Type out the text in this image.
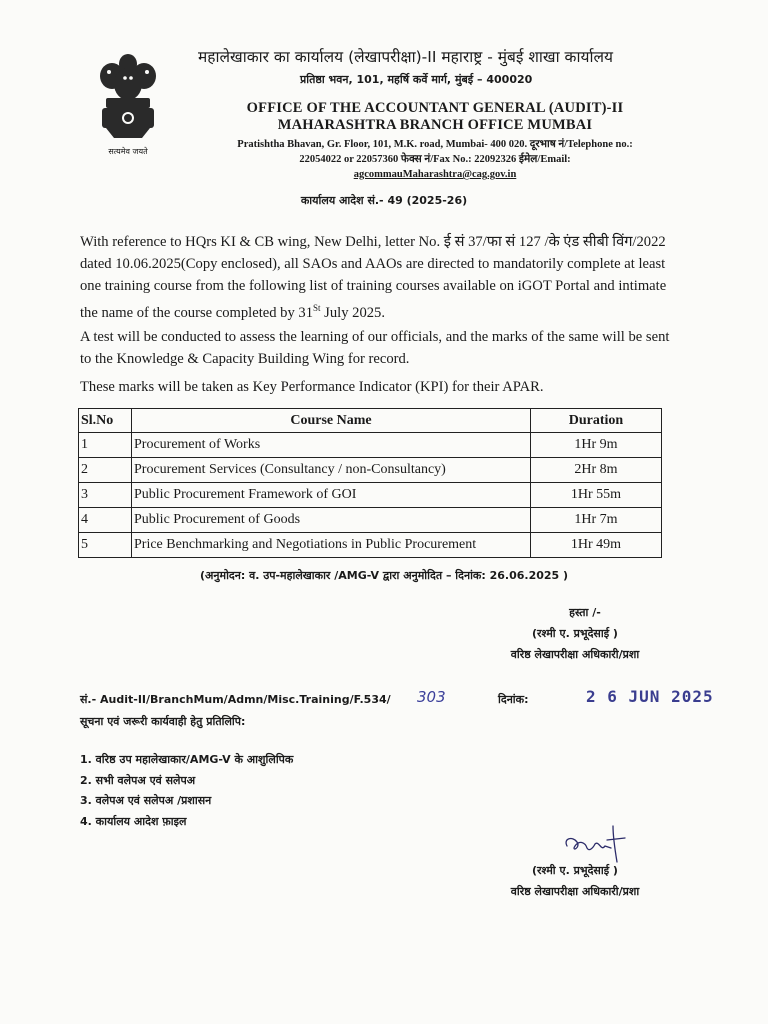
सत्यमेव जयते
महालेखाकार का कार्यालय (लेखापरीक्षा)-II महाराष्ट्र - मुंबई शाखा कार्यालय
प्रतिष्ठा भवन, 101, महर्षि कर्वे मार्ग, मुंबई – 400020
OFFICE OF THE ACCOUNTANT GENERAL (AUDIT)-II
MAHARASHTRA BRANCH OFFICE MUMBAI
Pratishtha Bhavan, Gr. Floor, 101, M.K. road, Mumbai- 400 020. दूरभाष नं/Telephone no.:
22054022 or 22057360 फेक्स नं/Fax No.: 22092326 ईमेल/Email:
agcommauMaharashtra@cag.gov.in
कार्यालय आदेश सं.- 49 (2025-26)
With reference to HQrs KI & CB wing, New Delhi, letter No. ई सं 37/फा सं 127 /के एंड सीबी विंग/2022 dated 10.06.2025(Copy enclosed), all SAOs and AAOs are directed to mandatorily complete at least one training course from the following list of training courses available on iGOT Portal and intimate the name of the course completed by 31St July 2025.
A test will be conducted to assess the learning of our officials, and the marks of the same will be sent to the Knowledge & Capacity Building Wing for record.
These marks will be taken as Key Performance Indicator (KPI) for their APAR.
Sl.No	Course Name	Duration
1	Procurement of Works	1Hr 9m
2	Procurement Services (Consultancy / non-Consultancy)	2Hr 8m
3	Public Procurement Framework of GOI	1Hr 55m
4	Public Procurement of Goods	1Hr 7m
5	Price Benchmarking and Negotiations in Public Procurement	1Hr 49m
(अनुमोदन: व. उप-महालेखाकार /AMG-V द्वारा अनुमोदित – दिनांक: 26.06.2025 )
हस्ता /-
(रश्मी ए. प्रभूदेसाई )
वरिष्ठ लेखापरीक्षा अधिकारी/प्रशा
सं.- Audit-II/BranchMum/Admn/Misc.Training/F.534/ 303	दिनांक:	2 6 JUN 2025
सूचना एवं जरूरी कार्यवाही हेतु प्रतिलिपि:
1. वरिष्ठ उप महालेखाकार/AMG-V के आशुलिपिक
2. सभी वलेपअ एवं सलेपअ
3. वलेपअ एवं सलेपअ /प्रशासन
4. कार्यालय आदेश फ़ाइल
(रश्मी ए. प्रभूदेसाई )
वरिष्ठ लेखापरीक्षा अधिकारी/प्रशा
